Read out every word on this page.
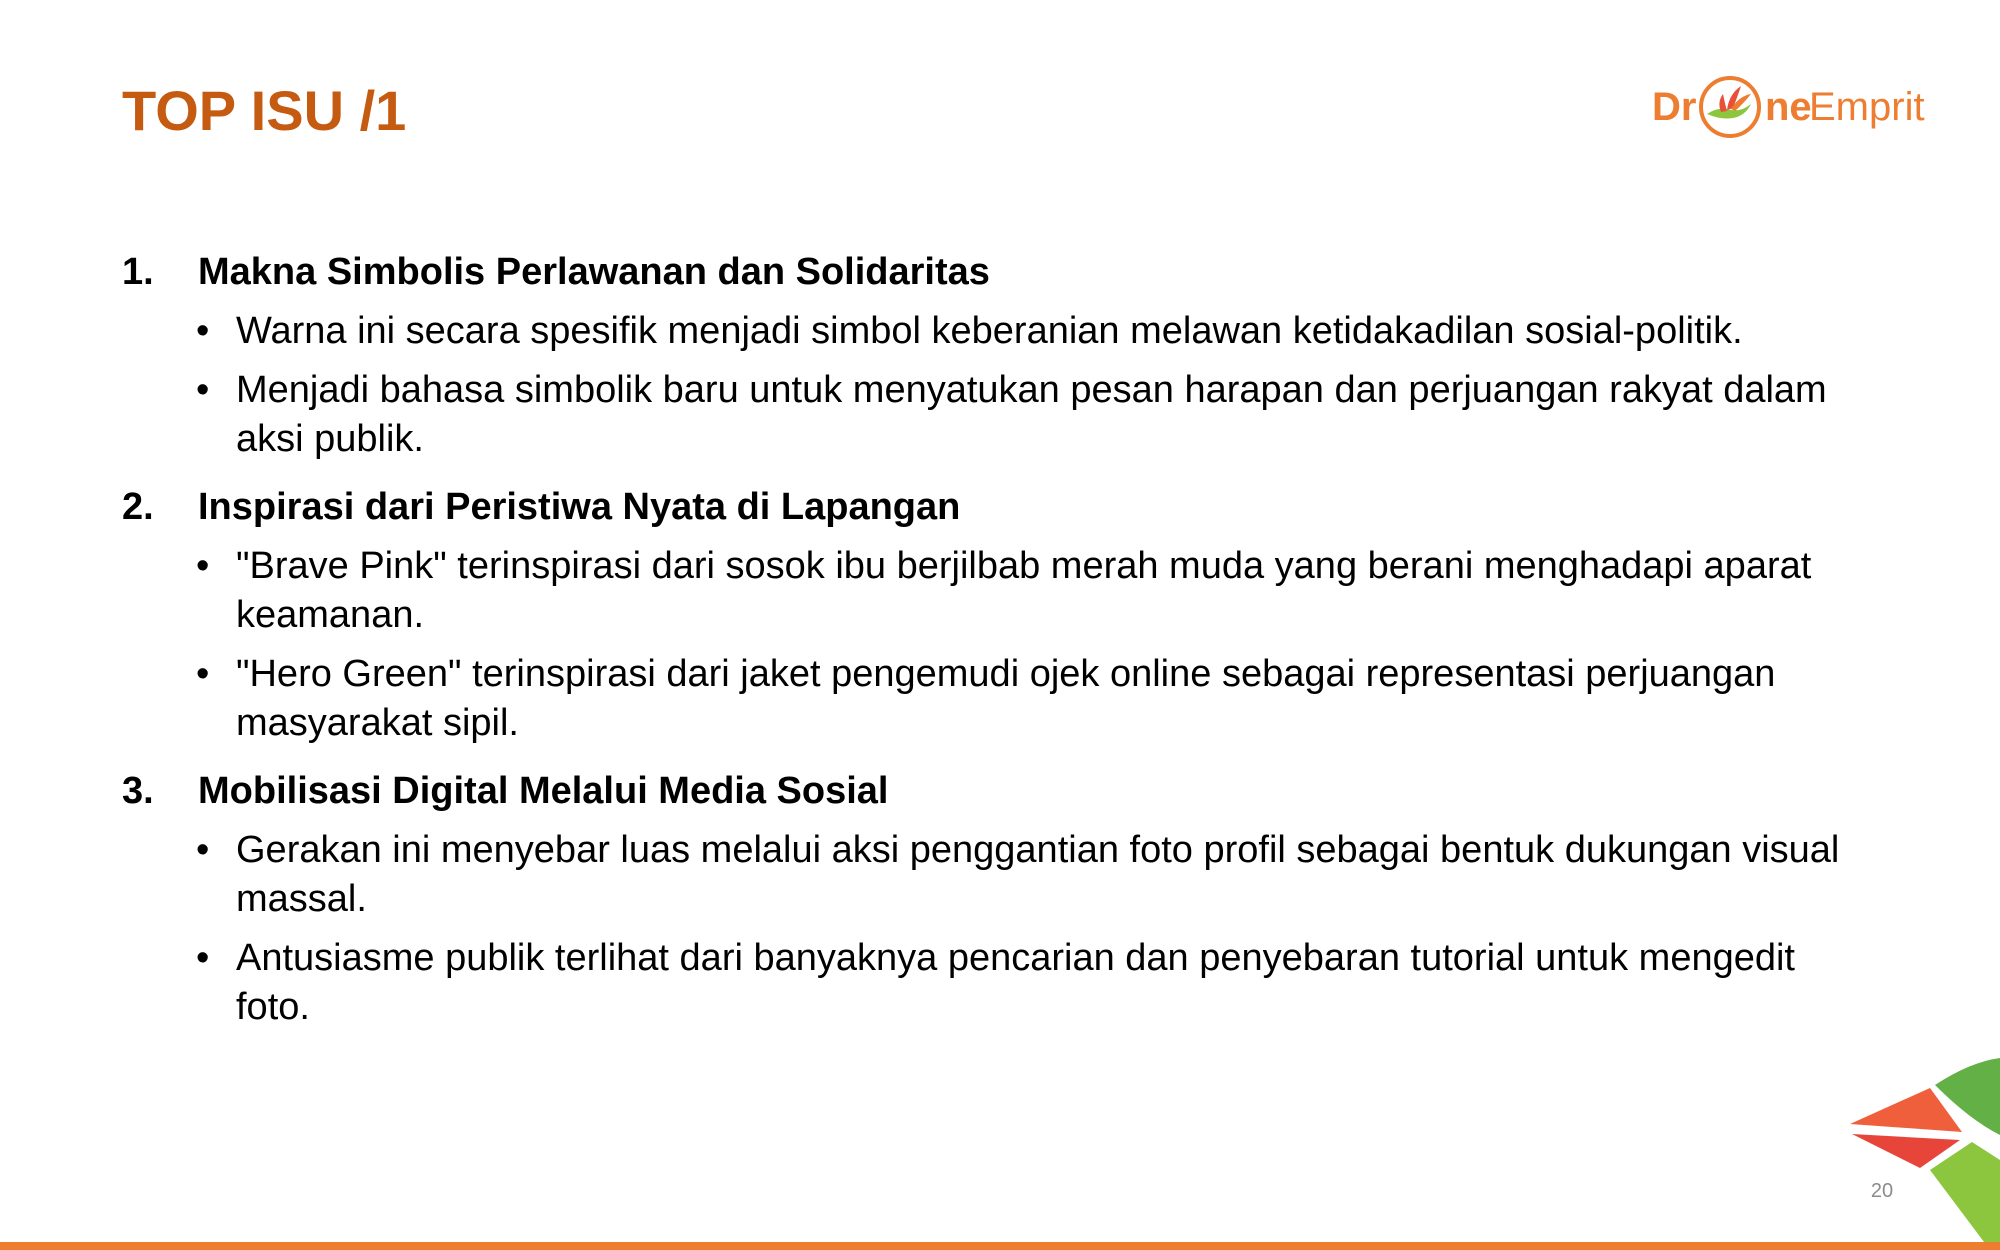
TOP ISU /1	Dr ne
Emprit
1.	Makna Simbolis Perlawanan dan Solidaritas
• Warna ini secara spesifik menjadi simbol keberanian melawan ketidakadilan sosial-politik.
• Menjadi bahasa simbolik baru untuk menyatukan pesan harapan dan perjuangan rakyat dalam aksi publik.
2.	Inspirasi dari Peristiwa Nyata di Lapangan
• "Brave Pink" terinspirasi dari sosok ibu berjilbab merah muda yang berani menghadapi aparat keamanan.
• "Hero Green" terinspirasi dari jaket pengemudi ojek online sebagai representasi perjuangan masyarakat sipil.
3.	Mobilisasi Digital Melalui Media Sosial
• Gerakan ini menyebar luas melalui aksi penggantian foto profil sebagai bentuk dukungan visual massal.
• Antusiasme publik terlihat dari banyaknya pencarian dan penyebaran tutorial untuk mengedit foto.
20
